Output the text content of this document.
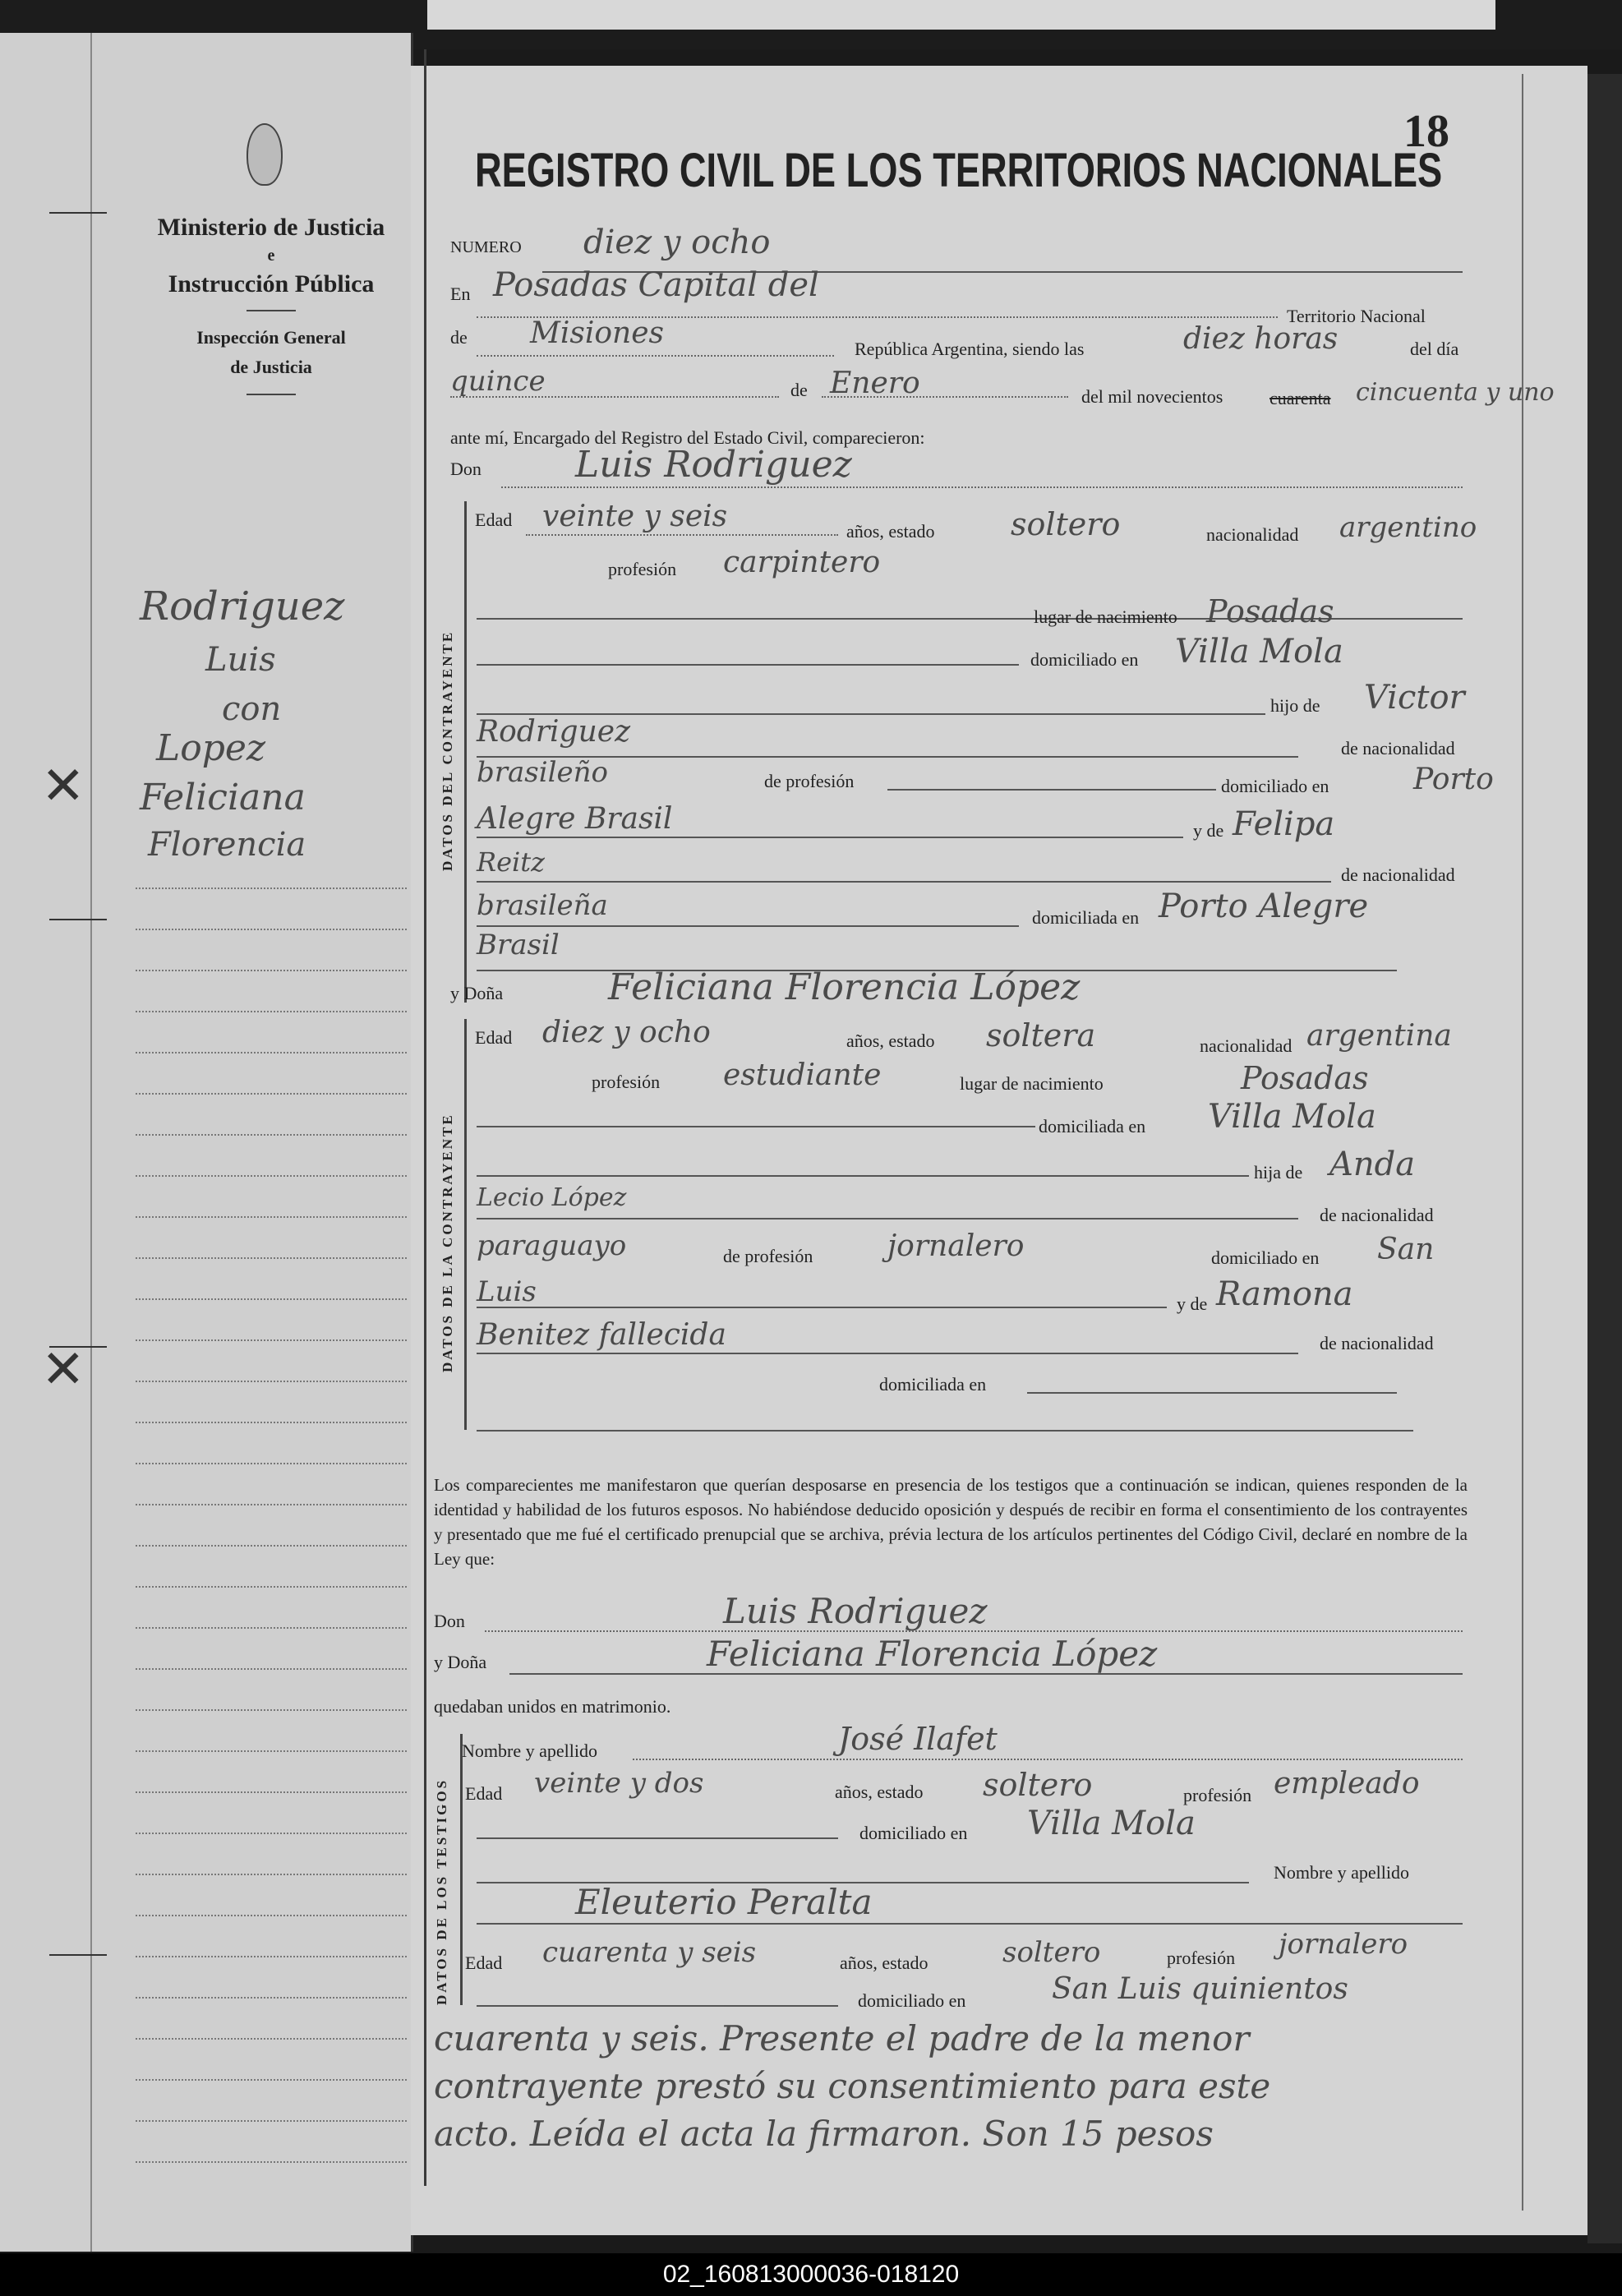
Ministerio de Justicia
e
Instrucción Pública
Inspección General
de Justicia
✕
✕
Rodriguez
Luis
con
Lopez
Feliciana
Florencia
18
REGISTRO CIVIL DE LOS TERRITORIOS NACIONALES
NUMERO diez y ocho
En Posadas Capital del
Territorio Nacional
de Misiones	República Argentina, siendo las	diez horas	del día
quince	de Enero	del mil novecientos	cuarenta cincuenta y uno
ante mí, Encargado del Registro del Estado Civil, comparecieron:
Don	Luis Rodriguez
DATOS DEL CONTRAYENTE
Edad veinte y seis	años, estado soltero	nacionalidad argentino
profesión carpintero
lugar de nacimiento Posadas
domiciliado en Villa Mola
hijo de Victor
Rodriguez	de nacionalidad
brasileño	de profesión	domiciliado en	Porto
Alegre Brasil	y de Felipa
Reitz	de nacionalidad
brasileña	domiciliada en Porto Alegre
Brasil
y Doña	Feliciana Florencia López
DATOS DE LA CONTRAYENTE
Edad diez y ocho	años, estado soltera	nacionalidad argentina
profesión estudiante	lugar de nacimiento	Posadas
domiciliada en Villa Mola
hija de Anda
Lecio López
de nacionalidad
paraguayo	de profesión	jornalero	domiciliado en San
Luis	y de Ramona
Benitez fallecida	de nacionalidad
domiciliada en
Los comparecientes me manifestaron que querían desposarse en presencia de los testigos que a continuación se indican, quienes responden de la identidad y habilidad de los futuros esposos. No habiéndose deducido oposición y después de recibir en forma el consentimiento de los contrayentes y presentado que me fué el certificado prenupcial que se archiva, prévia lectura de los artículos pertinentes del Código Civil, declaré en nombre de la Ley que:
Don	Luis Rodriguez
y Doña	Feliciana Florencia López
quedaban unidos en matrimonio.
DATOS DE LOS TESTIGOS
Nombre y apellido	José Ilafet
Edad veinte y dos	años, estado soltero	profesión empleado
domiciliado en Villa Mola
Nombre y apellido
Eleuterio Peralta
Edad cuarenta y seis	años, estado	soltero	profesión jornalero
domiciliado en	San Luis quinientos
cuarenta y seis. Presente el padre de la menor
contrayente prestó su consentimiento para este
acto. Leída el acta la firmaron. Son 15 pesos
02_160813000036-018120
